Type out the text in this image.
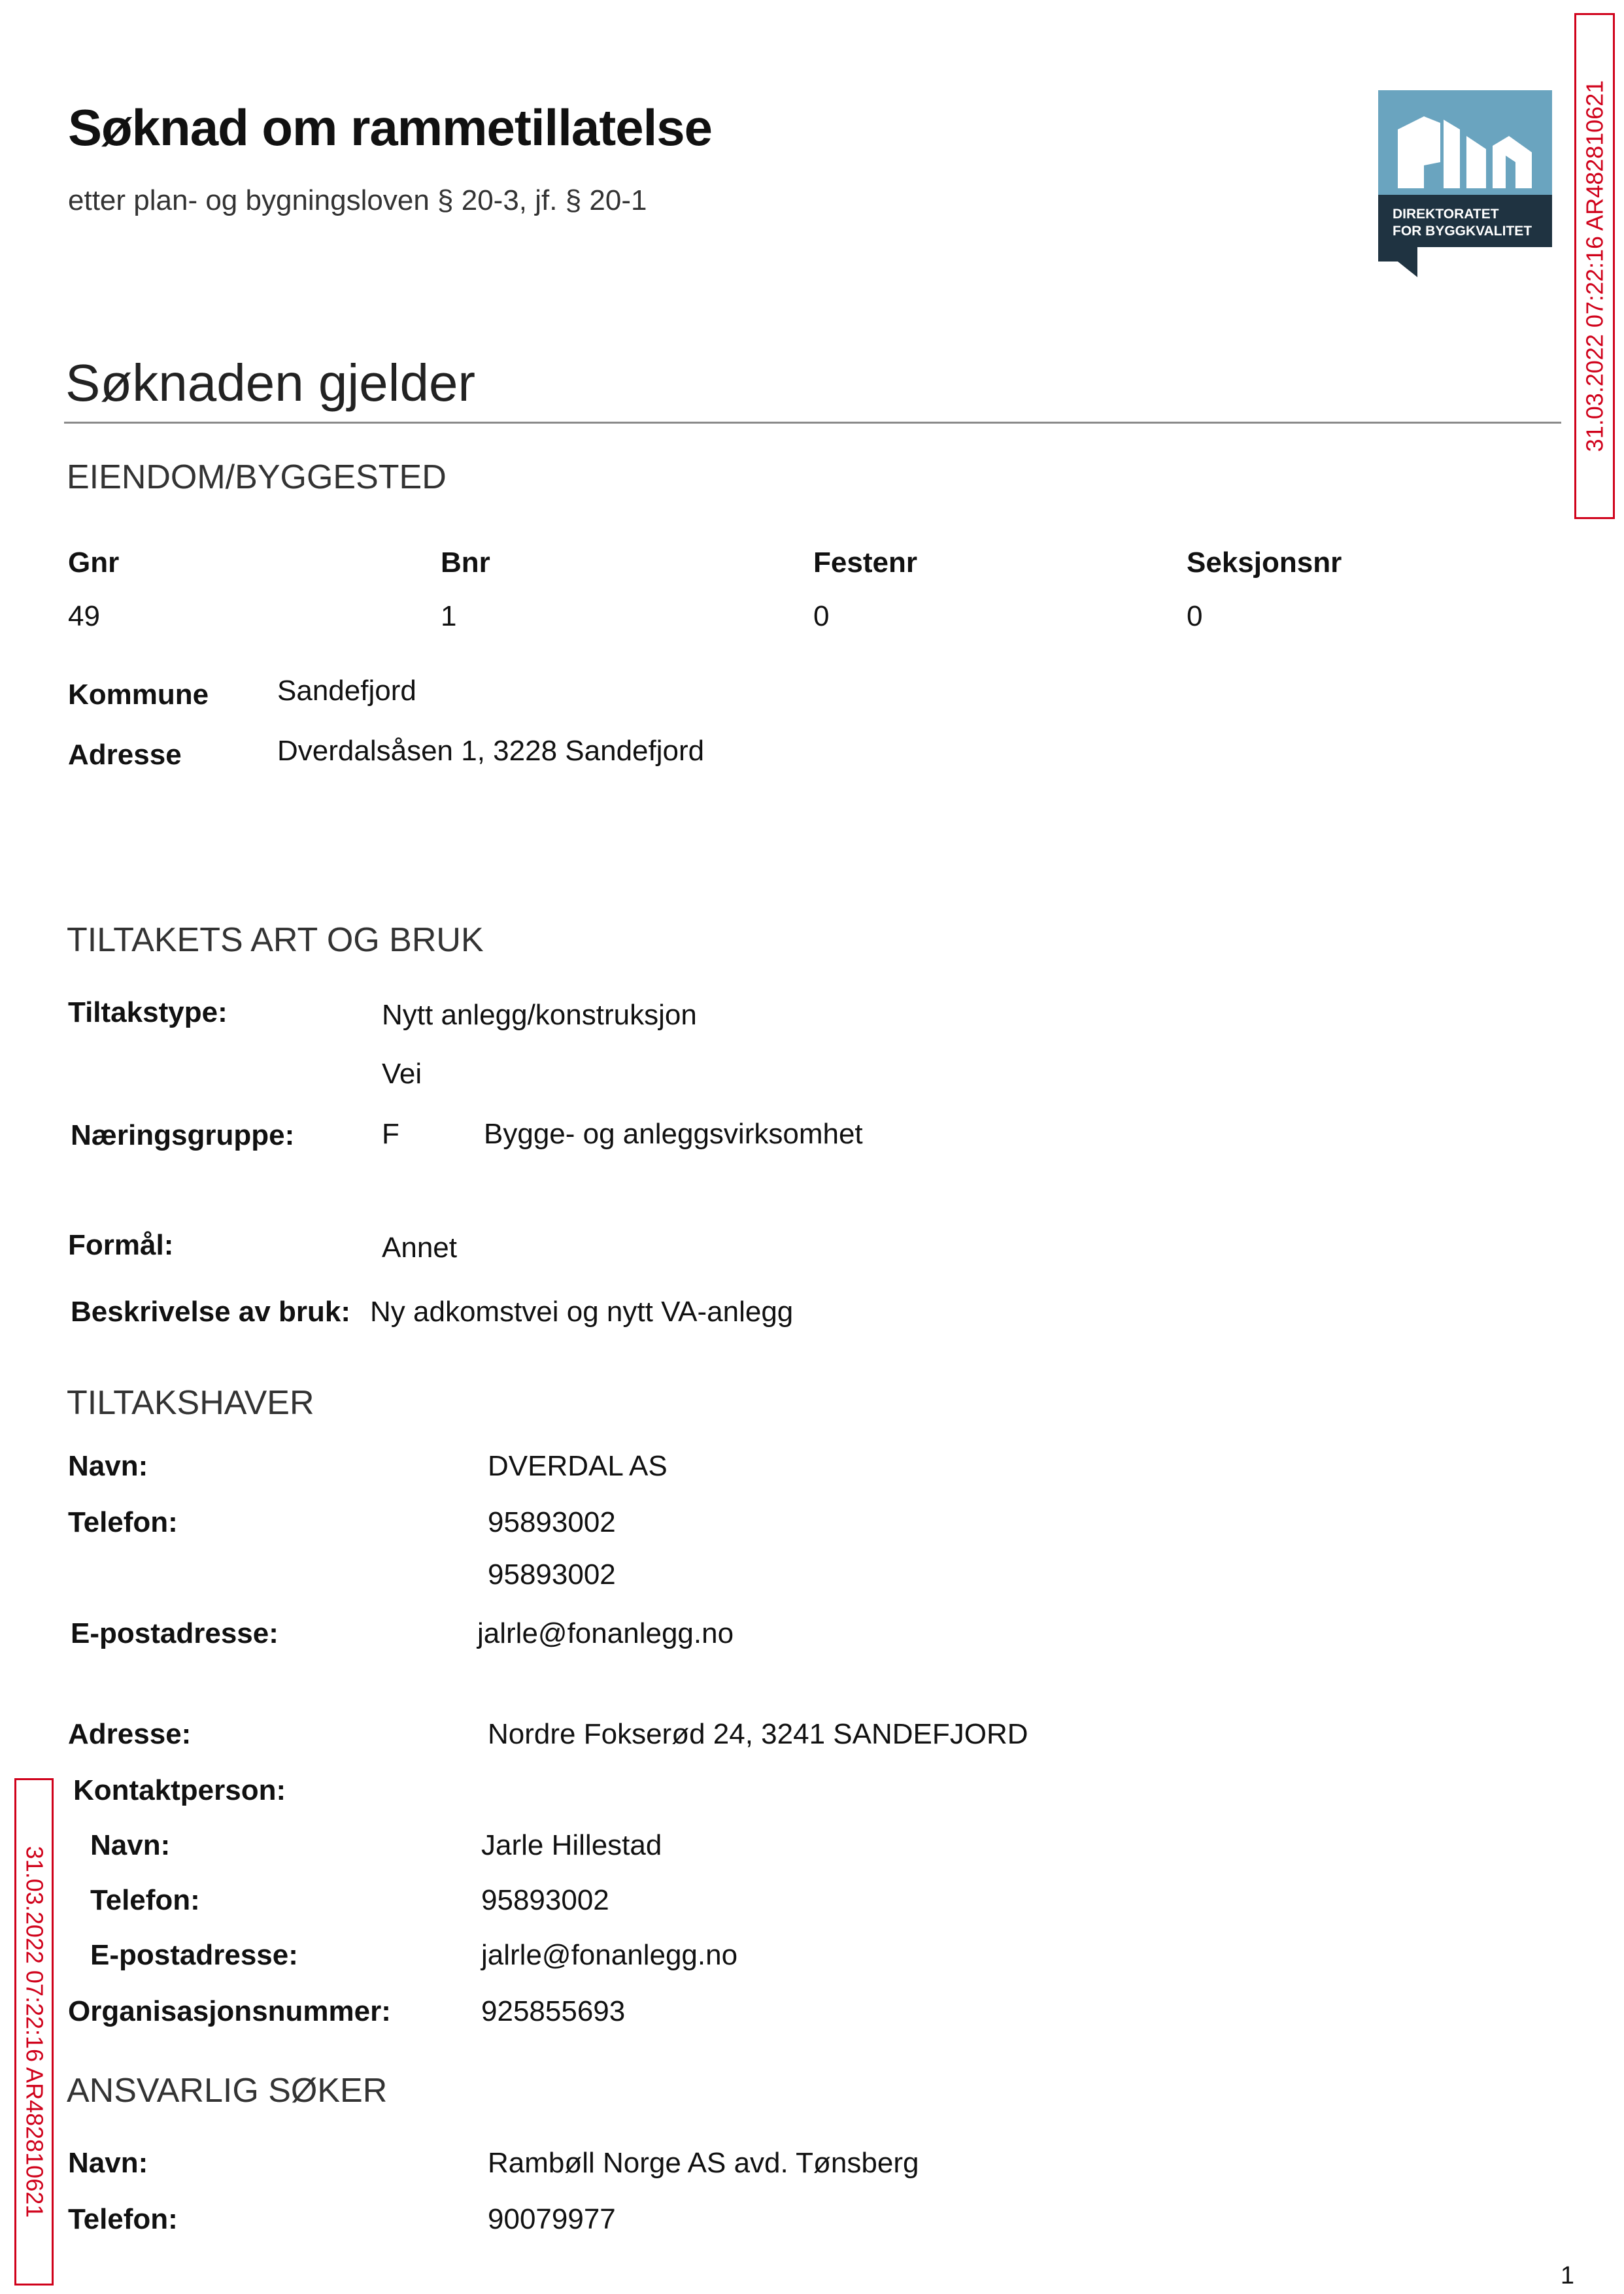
Søknad om rammetillatelse
etter plan- og bygningsloven § 20-3, jf. § 20-1	DIREKTORATET
FOR BYGGKVALITET 31.03.2022 07:22:16 AR482810621
31.03.2022 07:22:16 AR482810621
Søknaden gjelder
EIENDOM/BYGGESTED
Gnr	Bnr	Festenr	Seksjonsnr
49	1	0	0
Kommune Sandefjord
Adresse	Dverdalsåsen 1, 3228 Sandefjord
TILTAKETS ART OG BRUK
Tiltakstype:	Nytt anlegg/konstruksjon
Vei
Næringsgruppe:	F	Bygge- og anleggsvirksomhet
Formål:	Annet
Beskrivelse av bruk: Ny adkomstvei og nytt VA-anlegg
TILTAKSHAVER
Navn:	DVERDAL AS
Telefon:	95893002
95893002
E-postadresse:	jalrle@fonanlegg.no
Adresse:	Nordre Fokserød 24, 3241 SANDEFJORD
Kontaktperson:
Navn:	Jarle Hillestad
Telefon:	95893002
E-postadresse:	jalrle@fonanlegg.no
Organisasjonsnummer:	925855693
ANSVARLIG SØKER
Navn:	Rambøll Norge AS avd. Tønsberg
Telefon:	90079977
1
